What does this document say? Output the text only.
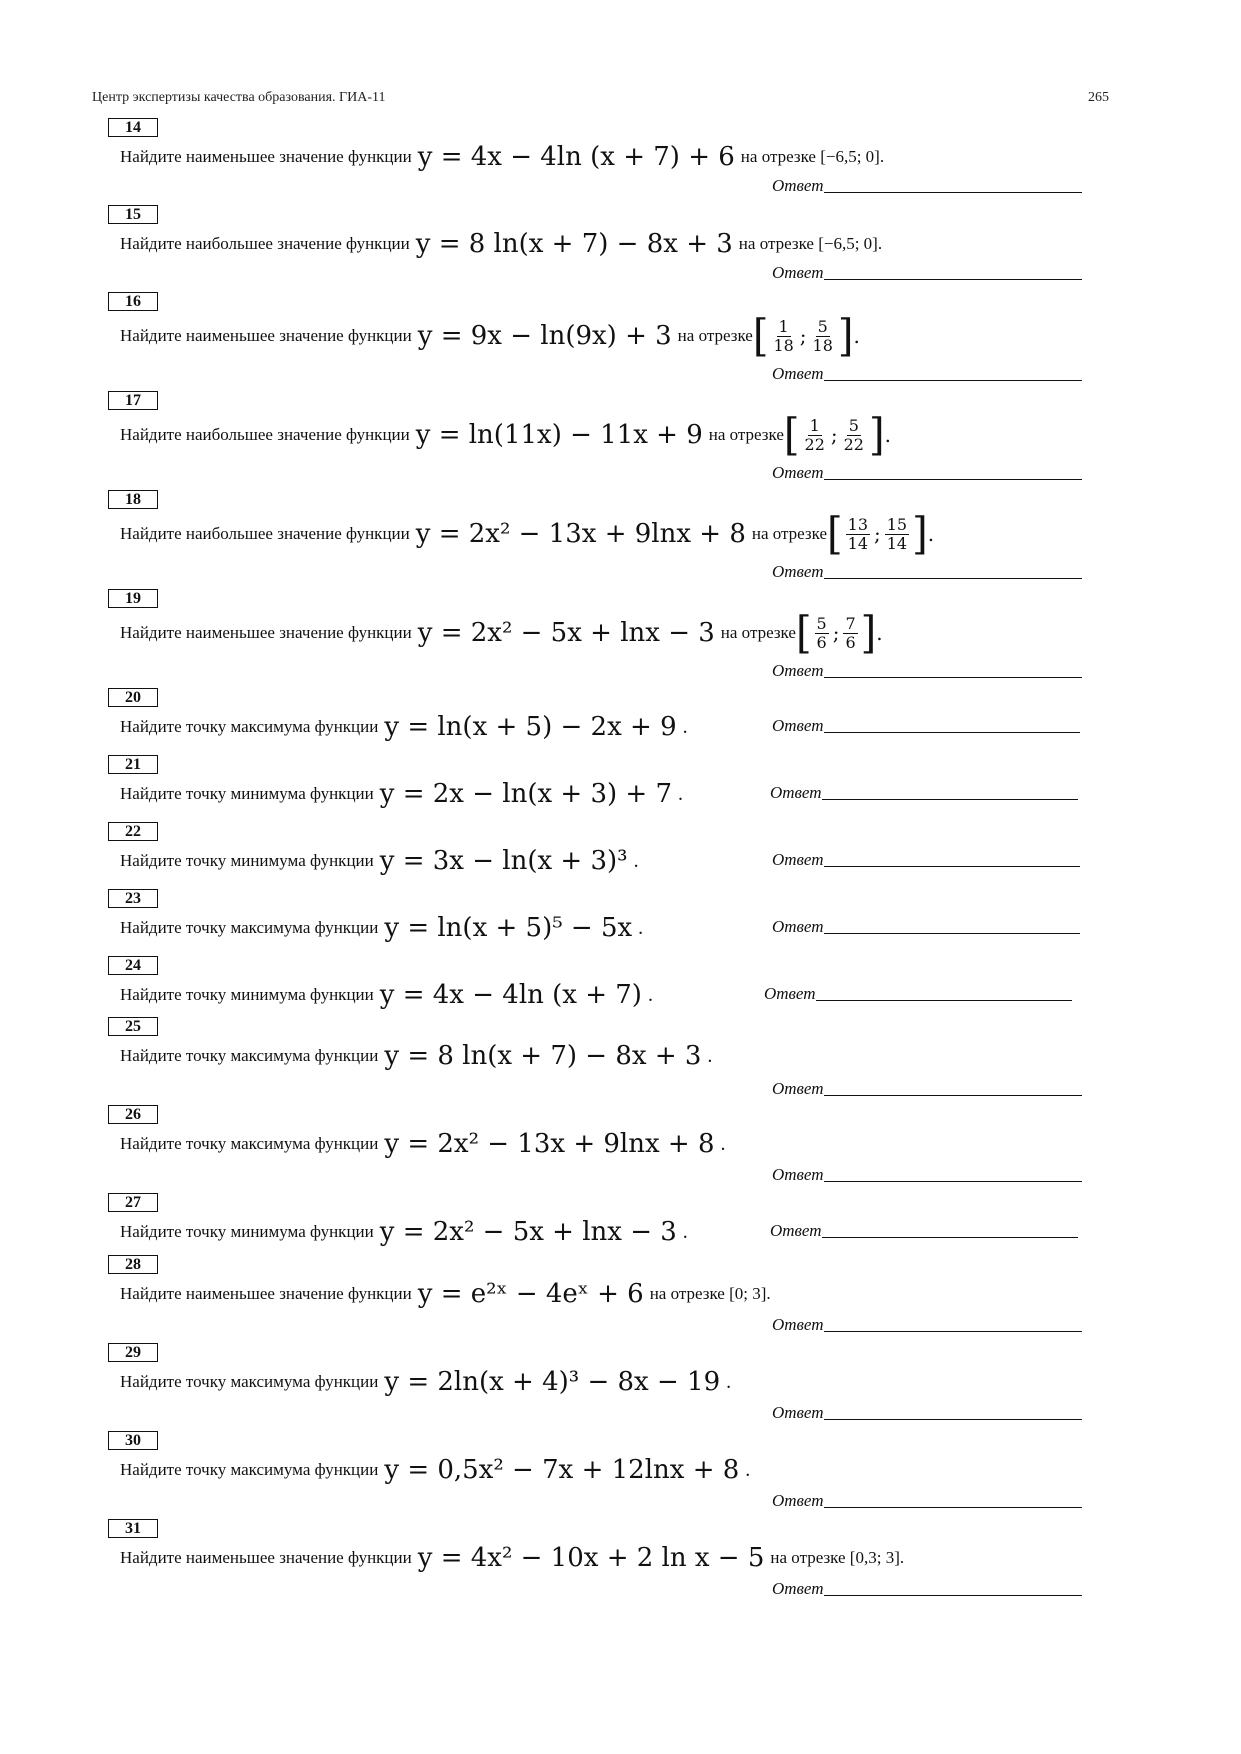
Центр экспертизы качества образования. ГИА-11	265
14
Найдите наименьшее значение функции y = 4x − 4ln (x + 7) + 6 на отрезке [−6,5; 0].
Ответ
15
Найдите наибольшее значение функции y = 8 ln(x + 7) − 8x + 3 на отрезке [−6,5; 0].
Ответ
16
Найдите наименьшее значение функции y = 9x − ln(9x) + 3 на отрезке [ $\frac{1}{18}$ ; $\frac{5}{18}$ ] .
Ответ
17
Найдите наибольшее значение функции y = ln(11x) − 11x + 9 на отрезке [ $\frac{1}{22}$ ; $\frac{5}{22}$ ] .
Ответ
18
Найдите наибольшее значение функции y = 2x² − 13x + 9lnx + 8 на отрезке [ $\frac{13}{14}$ ; $\frac{15}{14}$ ] .
Ответ
19
Найдите наименьшее значение функции y = 2x² − 5x + lnx − 3 на отрезке [ $\frac{5}{6}$ ; $\frac{7}{6}$ ] .
Ответ
20
Найдите точку максимума функции y = ln(x + 5) − 2x + 9 .	Ответ
21
Найдите точку минимума функции y = 2x − ln(x + 3) + 7 .	Ответ
22
Найдите точку минимума функции y = 3x − ln(x + 3)³ .	Ответ
23
Найдите точку максимума функции y = ln(x + 5)⁵ − 5x .	Ответ
24
Найдите точку минимума функции y = 4x − 4ln (x + 7) .	Ответ
25
Найдите точку максимума функции y = 8 ln(x + 7) − 8x + 3 .
Ответ
26
Найдите точку максимума функции y = 2x² − 13x + 9lnx + 8 .
Ответ
27
Найдите точку минимума функции y = 2x² − 5x + lnx − 3 .	Ответ
28
Найдите наименьшее значение функции y = e²ˣ − 4eˣ + 6 на отрезке [0; 3].
Ответ
29
Найдите точку максимума функции y = 2ln(x + 4)³ − 8x − 19 .
Ответ
30
Найдите точку максимума функции y = 0,5x² − 7x + 12lnx + 8 .
Ответ
31
Найдите наименьшее значение функции y = 4x² − 10x + 2 ln x − 5 на отрезке [0,3; 3].
Ответ
